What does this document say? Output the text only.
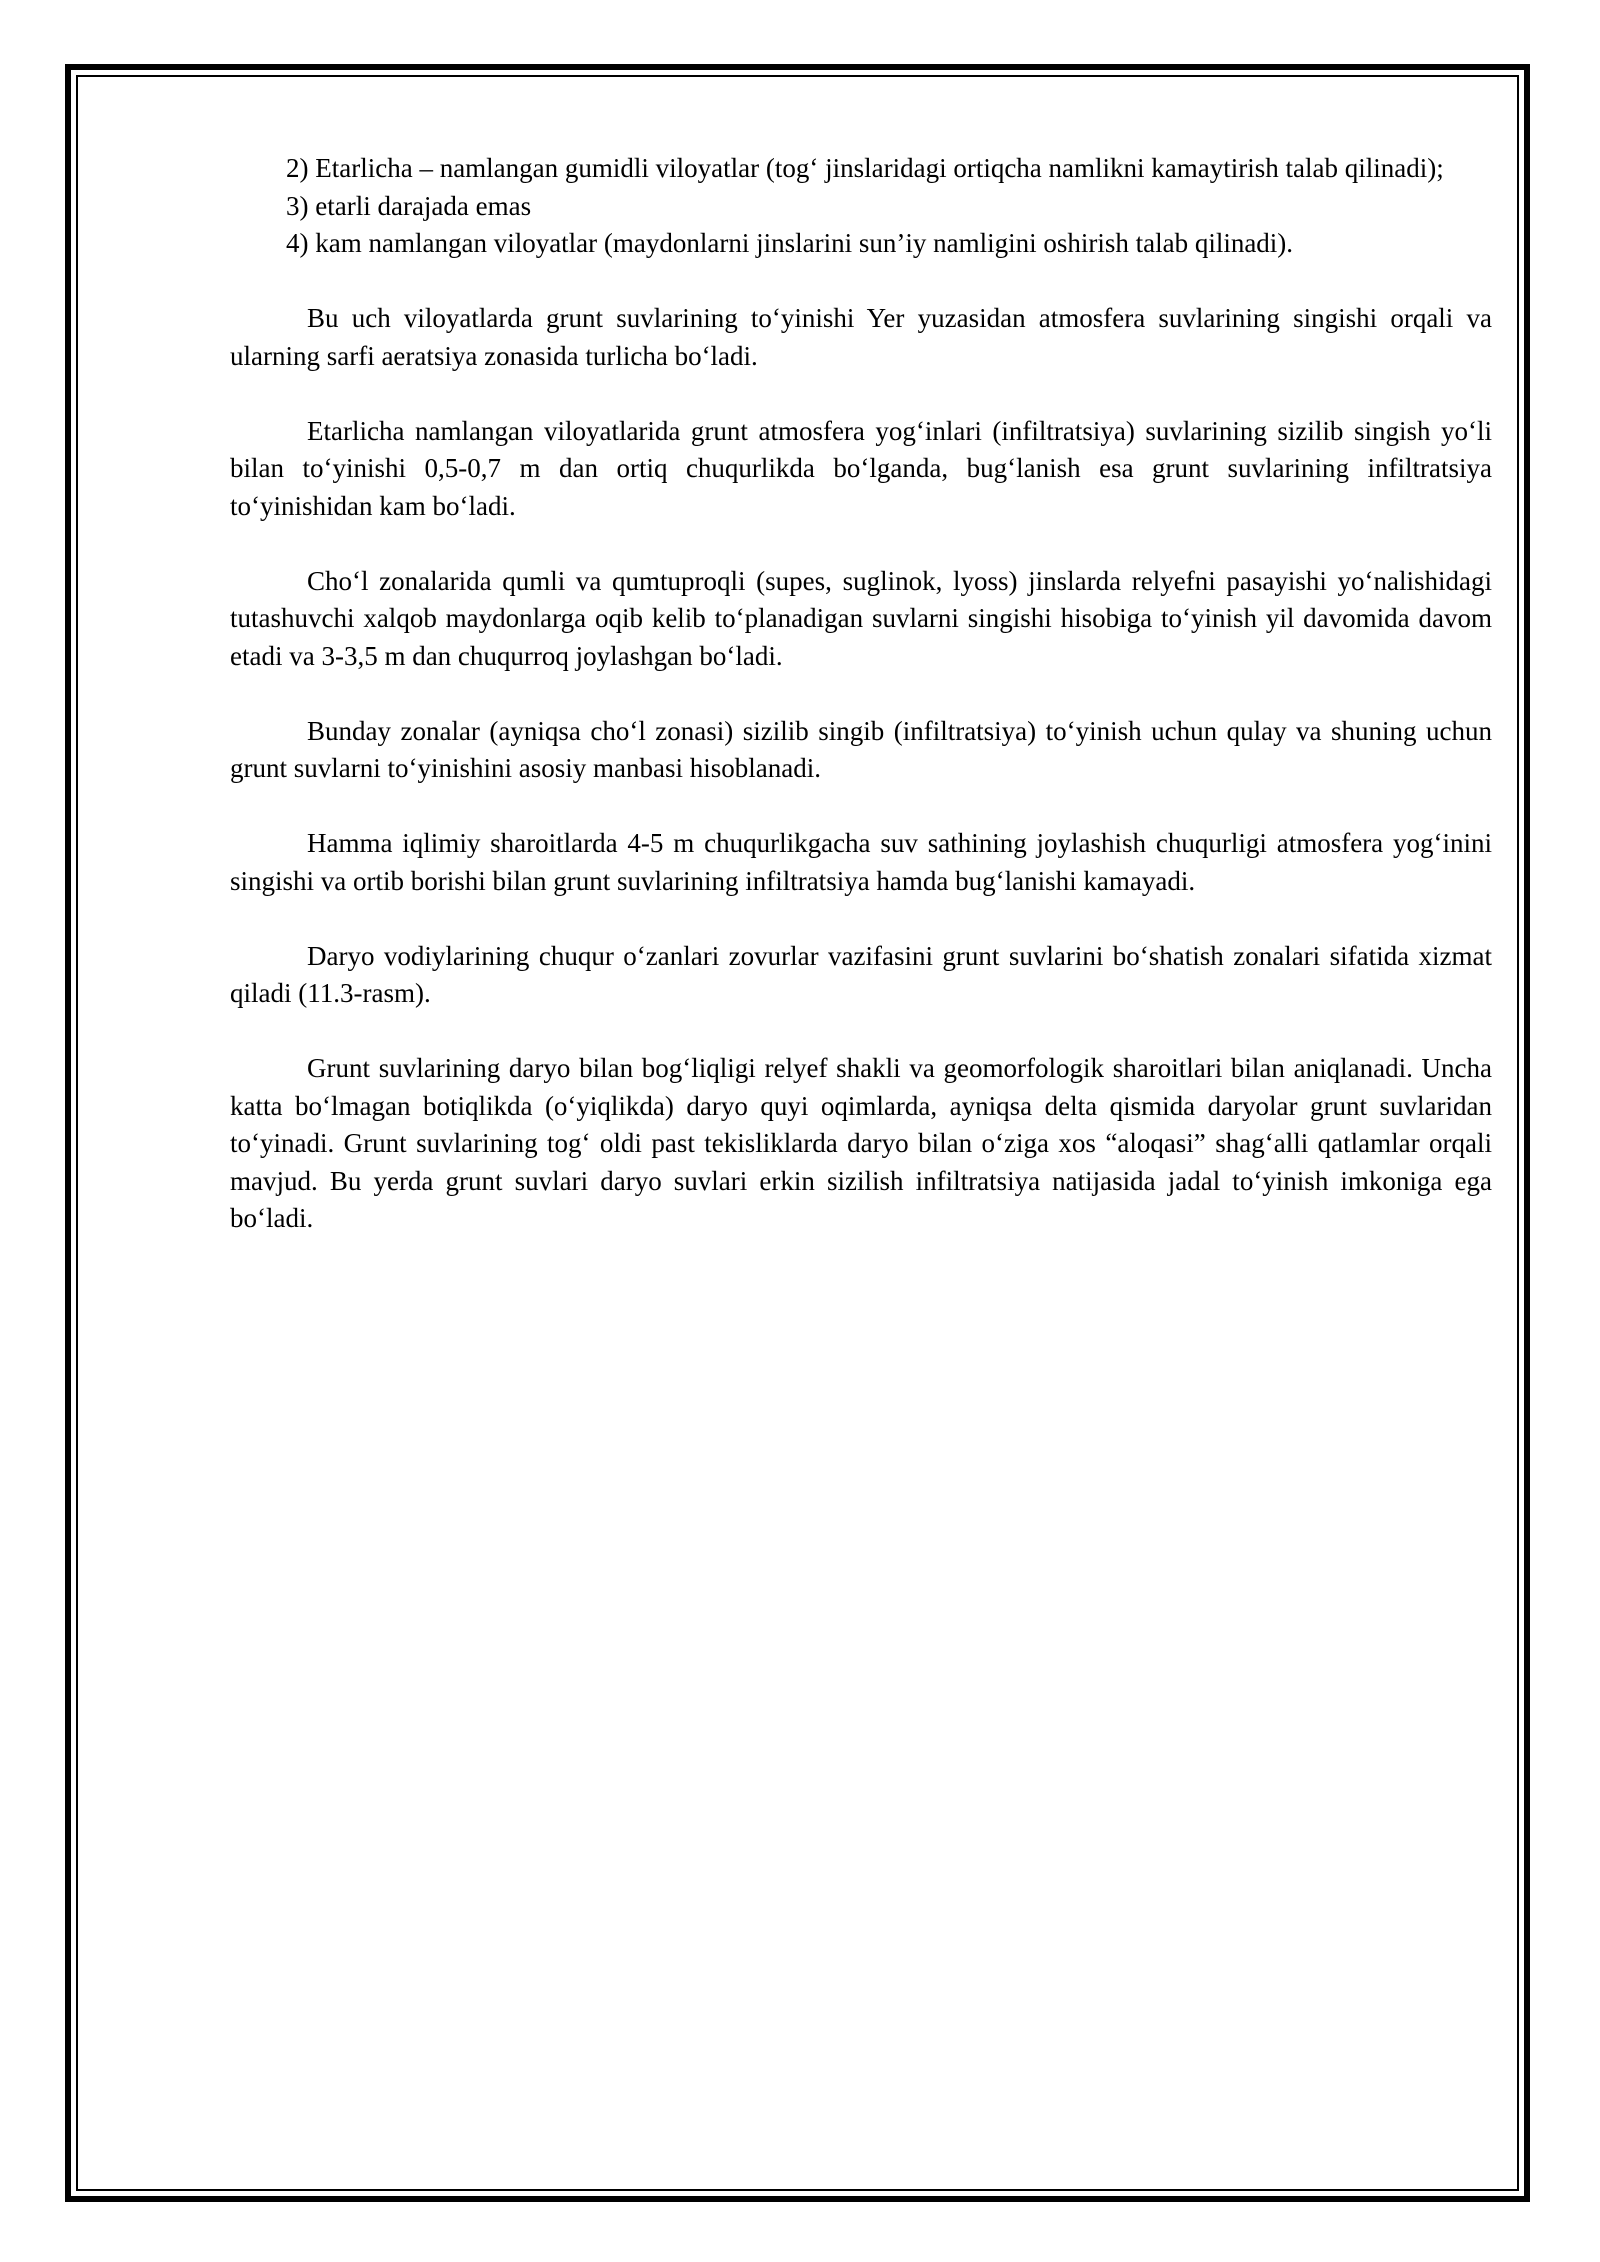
2) Etarlicha – namlangan gumidli viloyatlar (tog‘ jinslaridagi ortiqcha namlikni kamaytirish talab qilinadi);
3) etarli darajada emas
4) kam namlangan viloyatlar (maydonlarni jinslarini sun’iy namligini oshirish talab qilinadi).

Bu uch viloyatlarda grunt suvlarining to‘yinishi Yer yuzasidan atmosfera suvlarining singishi orqali va ularning sarfi aeratsiya zonasida turlicha bo‘ladi.

Etarlicha namlangan viloyatlarida grunt atmosfera yog‘inlari (infiltratsiya) suvlarining sizilib singish yo‘li bilan to‘yinishi 0,5-0,7 m dan ortiq chuqurlikda bo‘lganda, bug‘lanish esa grunt suvlarining infiltratsiya to‘yinishidan kam bo‘ladi.

Cho‘l zonalarida qumli va qumtuproqli (supes, suglinok, lyoss) jinslarda relyefni pasayishi yo‘nalishidagi tutashuvchi xalqob maydonlarga oqib kelib to‘planadigan suvlarni singishi hisobiga to‘yinish yil davomida davom etadi va 3-3,5 m dan chuqurroq joylashgan bo‘ladi.

Bunday zonalar (ayniqsa cho‘l zonasi) sizilib singib (infiltratsiya) to‘yinish uchun qulay va shuning uchun grunt suvlarni to‘yinishini asosiy manbasi hisoblanadi.

Hamma iqlimiy sharoitlarda 4-5 m chuqurlikgacha suv sathining joylashish chuqurligi atmosfera yog‘inini singishi va ortib borishi bilan grunt suvlarining infiltratsiya hamda bug‘lanishi kamayadi.

Daryo vodiylarining chuqur o‘zanlari zovurlar vazifasini grunt suvlarini bo‘shatish zonalari sifatida xizmat qiladi (11.3-rasm).

Grunt suvlarining daryo bilan bog‘liqligi relyef shakli va geomorfologik sharoitlari bilan aniqlanadi. Uncha katta bo‘lmagan botiqlikda (o‘yiqlikda) daryo quyi oqimlarda, ayniqsa delta qismida daryolar grunt suvlaridan to‘yinadi. Grunt suvlarining tog‘ oldi past tekisliklarda daryo bilan o‘ziga xos “aloqasi” shag‘alli qatlamlar orqali mavjud. Bu yerda grunt suvlari daryo suvlari erkin sizilish infiltratsiya natijasida jadal to‘yinish imkoniga ega bo‘ladi.
